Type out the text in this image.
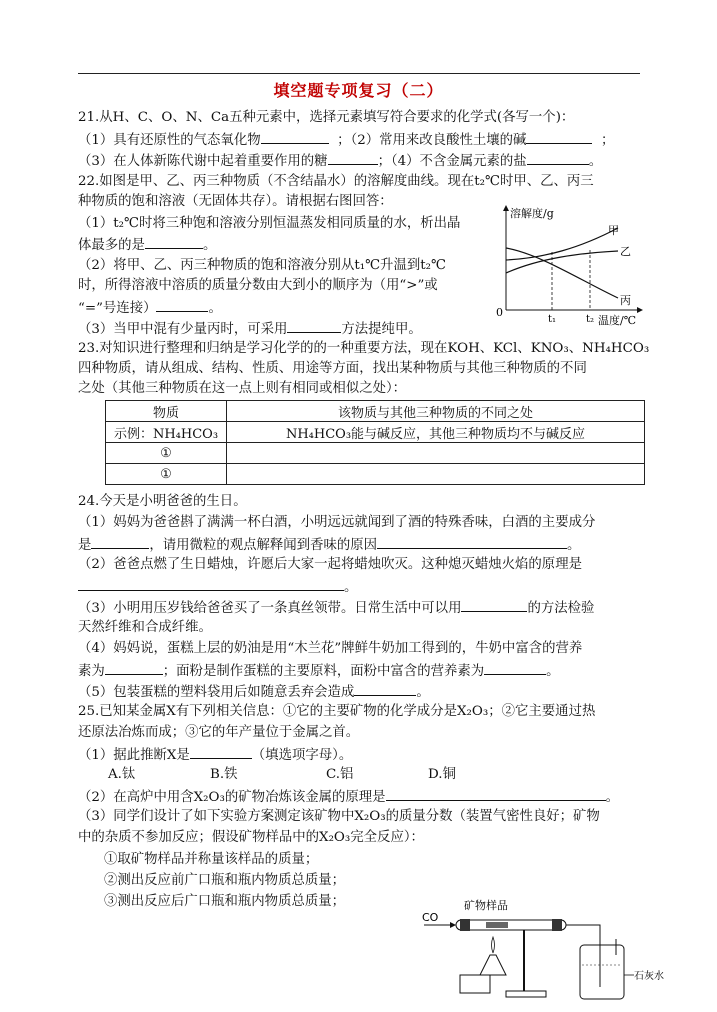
填空题专项复习（二）
21.从H、C、O、N、Ca五种元素中，选择元素填写符合要求的化学式(各写一个)：
（1）具有还原性的气态氧化物	；（2）常用来改良酸性土壤的碱	；
（3）在人体新陈代谢中起着重要作用的糖	；（4）不含金属元素的盐	。
22.如图是甲、乙、丙三种物质（不含结晶水）的溶解度曲线。现在t₂℃时甲、乙、丙三
种物质的饱和溶液（无固体共存）。请根据右图回答：
（1）t₂℃时将三种饱和溶液分别恒温蒸发相同质量的水，析出晶
体最多的是	。
（2）将甲、乙、丙三种物质的饱和溶液分别从t₁℃升温到t₂℃
时，所得溶液中溶质的质量分数由大到小的顺序为（用“>”或
“=”号连接）	。
（3）当甲中混有少量丙时，可采用	方法提纯甲。
溶解度/g
温度/℃
0
t₁	t₂
甲
乙
丙
23.对知识进行整理和归纳是学习化学的的一种重要方法，现在KOH、KCl、KNO₃、NH₄HCO₃
四种物质，请从组成、结构、性质、用途等方面，找出某种物质与其他三种物质的不同
之处（其他三种物质在这一点上则有相同或相似之处）：
物质	该物质与其他三种物质的不同之处
示例：NH₄HCO₃	NH₄HCO₃能与碱反应，其他三种物质均不与碱反应
①	
①	
24.今天是小明爸爸的生日。
（1）妈妈为爸爸斟了满满一杯白酒，小明远远就闻到了酒的特殊香味，白酒的主要成分
是	，请用微粒的观点解释闻到香味的原因	。
（2）爸爸点燃了生日蜡烛，许愿后大家一起将蜡烛吹灭。这种熄灭蜡烛火焰的原理是
。
（3）小明用压岁钱给爸爸买了一条真丝领带。日常生活中可以用	的方法检验
天然纤维和合成纤维。
（4）妈妈说，蛋糕上层的奶油是用“木兰花”牌鲜牛奶加工得到的，牛奶中富含的营养
素为	；面粉是制作蛋糕的主要原料，面粉中富含的营养素为	。
（5）包装蛋糕的塑料袋用后如随意丢弃会造成	。
25.已知某金属X有下列相关信息：①它的主要矿物的化学成分是X₂O₃；②它主要通过热
还原法冶炼而成；③它的年产量位于金属之首。
（1）据此推断X是	（填选项字母）。
A.钛	B.铁	C.铝	D.铜
（2）在高炉中用含X₂O₃的矿物冶炼该金属的原理是	。
（3）同学们设计了如下实验方案测定该矿物中X₂O₃的质量分数（装置气密性良好；矿物
中的杂质不参加反应；假设矿物样品中的X₂O₃完全反应）：
①取矿物样品并称量该样品的质量；
②测出反应前广口瓶和瓶内物质总质量；
③测出反应后广口瓶和瓶内物质总质量；
CO
矿物样品
石灰水
